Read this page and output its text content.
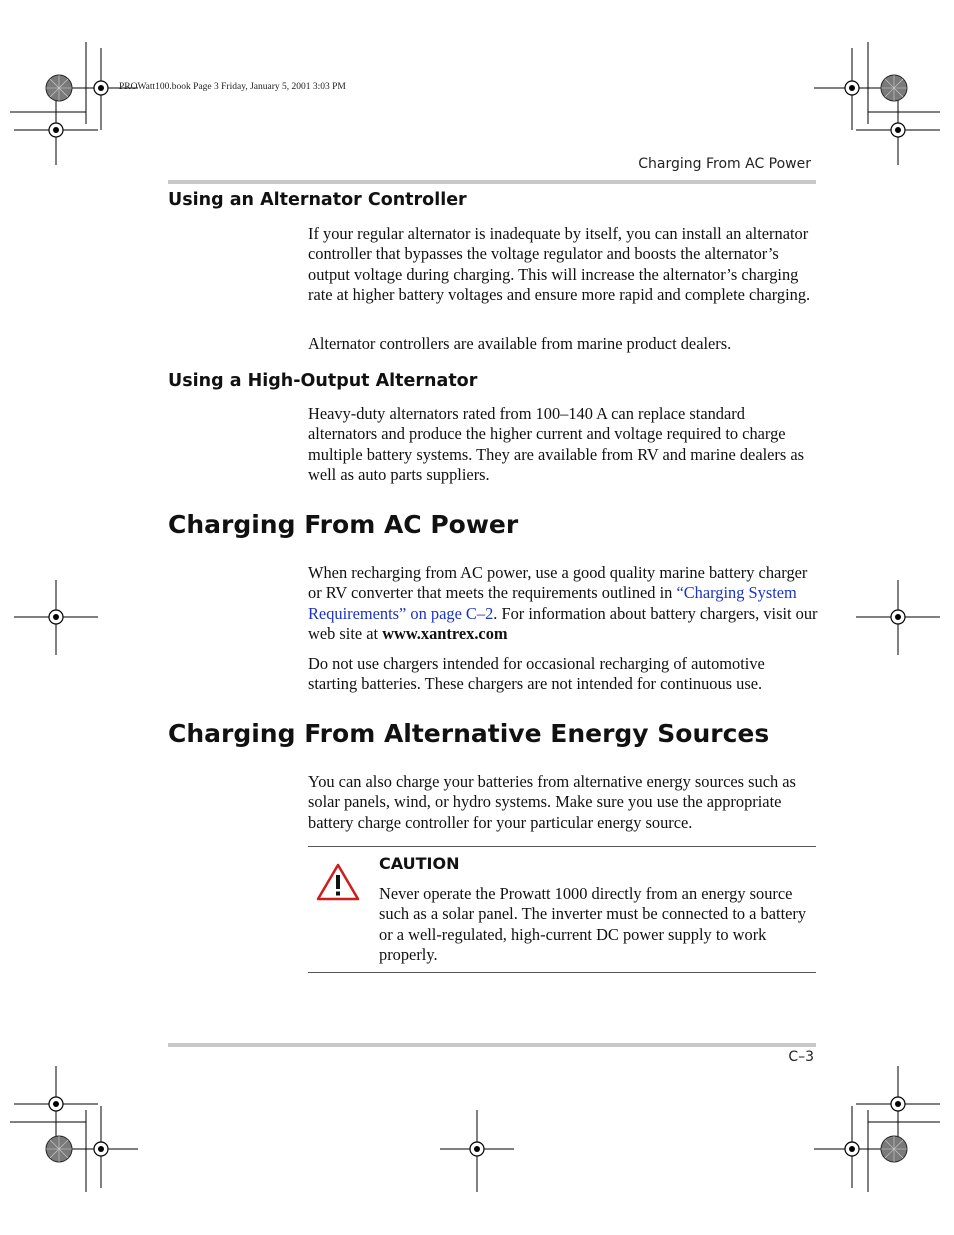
PROWatt100.book Page 3 Friday, January 5, 2001 3:03 PM
Charging From AC Power
Using an Alternator Controller
If your regular alternator is inadequate by itself, you can install an alternator controller that bypasses the voltage regulator and boosts the alternator’s output voltage during charging. This will increase the alternator’s charging rate at higher battery voltages and ensure more rapid and complete charging.
Alternator controllers are available from marine product dealers.
Using a High-Output Alternator
Heavy-duty alternators rated from 100–140 A can replace standard alternators and produce the higher current and voltage required to charge multiple battery systems. They are available from RV and marine dealers as well as auto parts suppliers.
Charging From AC Power
When recharging from AC power, use a good quality marine battery charger or RV converter that meets the requirements outlined in “Charging System Requirements” on page C–2. For information about battery chargers, visit our web site at www.xantrex.com
Do not use chargers intended for occasional recharging of automotive starting batteries. These chargers are not intended for continuous use.
Charging From Alternative Energy Sources
You can also charge your batteries from alternative energy sources such as solar panels, wind, or hydro systems. Make sure you use the appropriate battery charge controller for your particular energy source.
CAUTION
Never operate the Prowatt 1000 directly from an energy source such as a solar panel. The inverter must be connected to a battery or a well-regulated, high-current DC power supply to work properly.
C–3
